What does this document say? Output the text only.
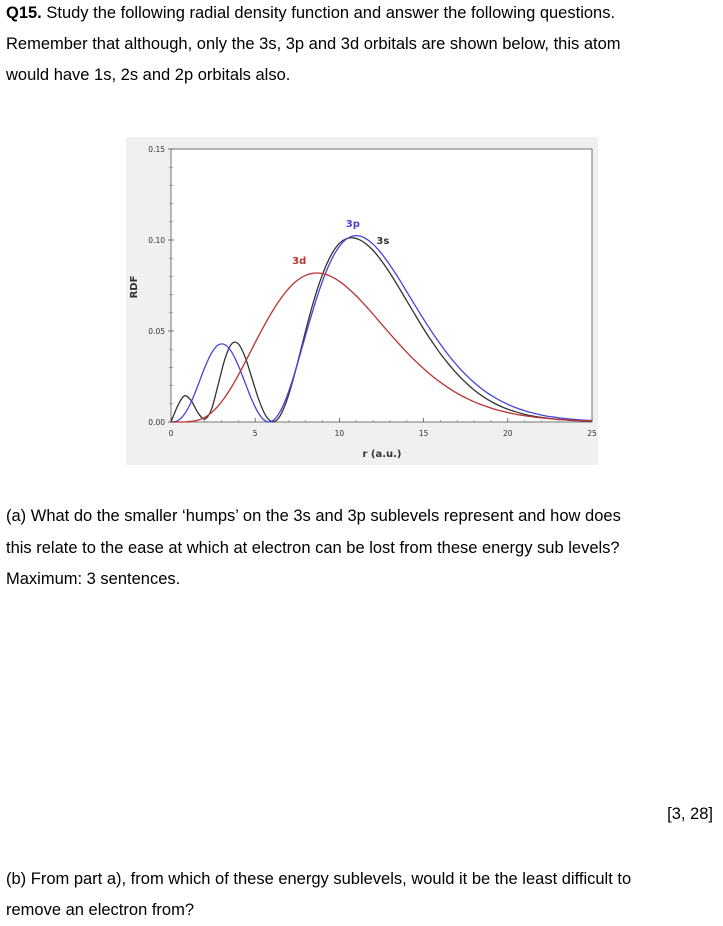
Q15. Study the following radial density function and answer the following questions.
Remember that although, only the 3s, 3p and 3d orbitals are shown below, this atom
would have 1s, 2s and 2p orbitals also.
0	5	10	15	20	25
0.00
0.05
0.10
0.15
3s
3p
3d
r (a.u.)
RDF
(a) What do the smaller ‘humps’ on the 3s and 3p sublevels represent and how does
this relate to the ease at which at electron can be lost from these energy sub levels?
Maximum: 3 sentences.
[3, 28]
(b) From part a), from which of these energy sublevels, would it be the least difficult to
remove an electron from?
